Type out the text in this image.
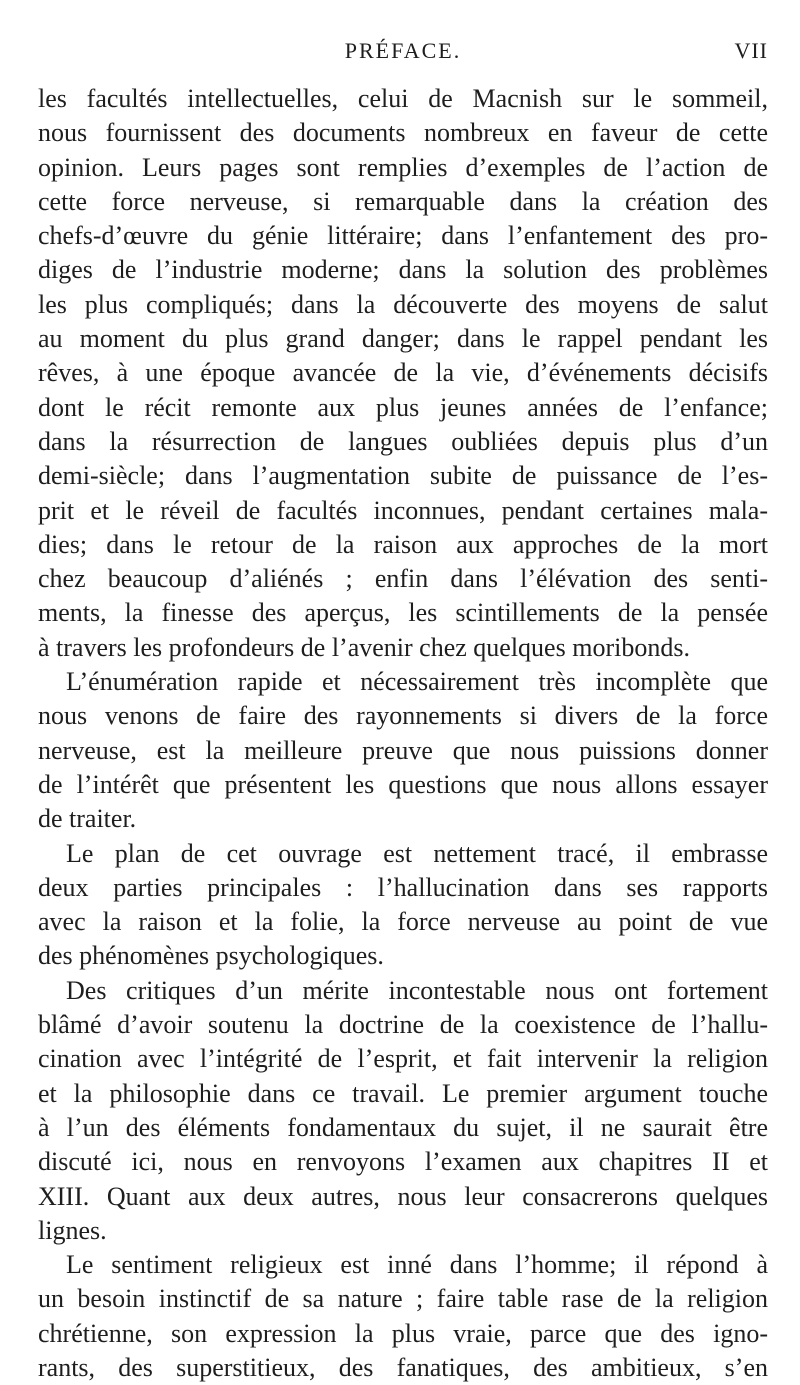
PRÉFACE.	VII
les facultés intellectuelles, celui de Macnish sur le sommeil,
nous fournissent des documents nombreux en faveur de cette
opinion. Leurs pages sont remplies d’exemples de l’action de
cette force nerveuse, si remarquable dans la création des
chefs-d’œuvre du génie littéraire; dans l’enfantement des pro-
diges de l’industrie moderne; dans la solution des problèmes
les plus compliqués; dans la découverte des moyens de salut
au moment du plus grand danger; dans le rappel pendant les
rêves, à une époque avancée de la vie, d’événements décisifs
dont le récit remonte aux plus jeunes années de l’enfance;
dans la résurrection de langues oubliées depuis plus d’un
demi-siècle; dans l’augmentation subite de puissance de l’es-
prit et le réveil de facultés inconnues, pendant certaines mala-
dies; dans le retour de la raison aux approches de la mort
chez beaucoup d’aliénés ; enfin dans l’élévation des senti-
ments, la finesse des aperçus, les scintillements de la pensée
à travers les profondeurs de l’avenir chez quelques moribonds.
L’énumération rapide et nécessairement très incomplète que
nous venons de faire des rayonnements si divers de la force
nerveuse, est la meilleure preuve que nous puissions donner
de l’intérêt que présentent les questions que nous allons essayer
de traiter.
Le plan de cet ouvrage est nettement tracé, il embrasse
deux parties principales : l’hallucination dans ses rapports
avec la raison et la folie, la force nerveuse au point de vue
des phénomènes psychologiques.
Des critiques d’un mérite incontestable nous ont fortement
blâmé d’avoir soutenu la doctrine de la coexistence de l’hallu-
cination avec l’intégrité de l’esprit, et fait intervenir la religion
et la philosophie dans ce travail. Le premier argument touche
à l’un des éléments fondamentaux du sujet, il ne saurait être
discuté ici, nous en renvoyons l’examen aux chapitres II et
XIII. Quant aux deux autres, nous leur consacrerons quelques
lignes.
Le sentiment religieux est inné dans l’homme; il répond à
un besoin instinctif de sa nature ; faire table rase de la religion
chrétienne, son expression la plus vraie, parce que des igno-
rants, des superstitieux, des fanatiques, des ambitieux, s’en
